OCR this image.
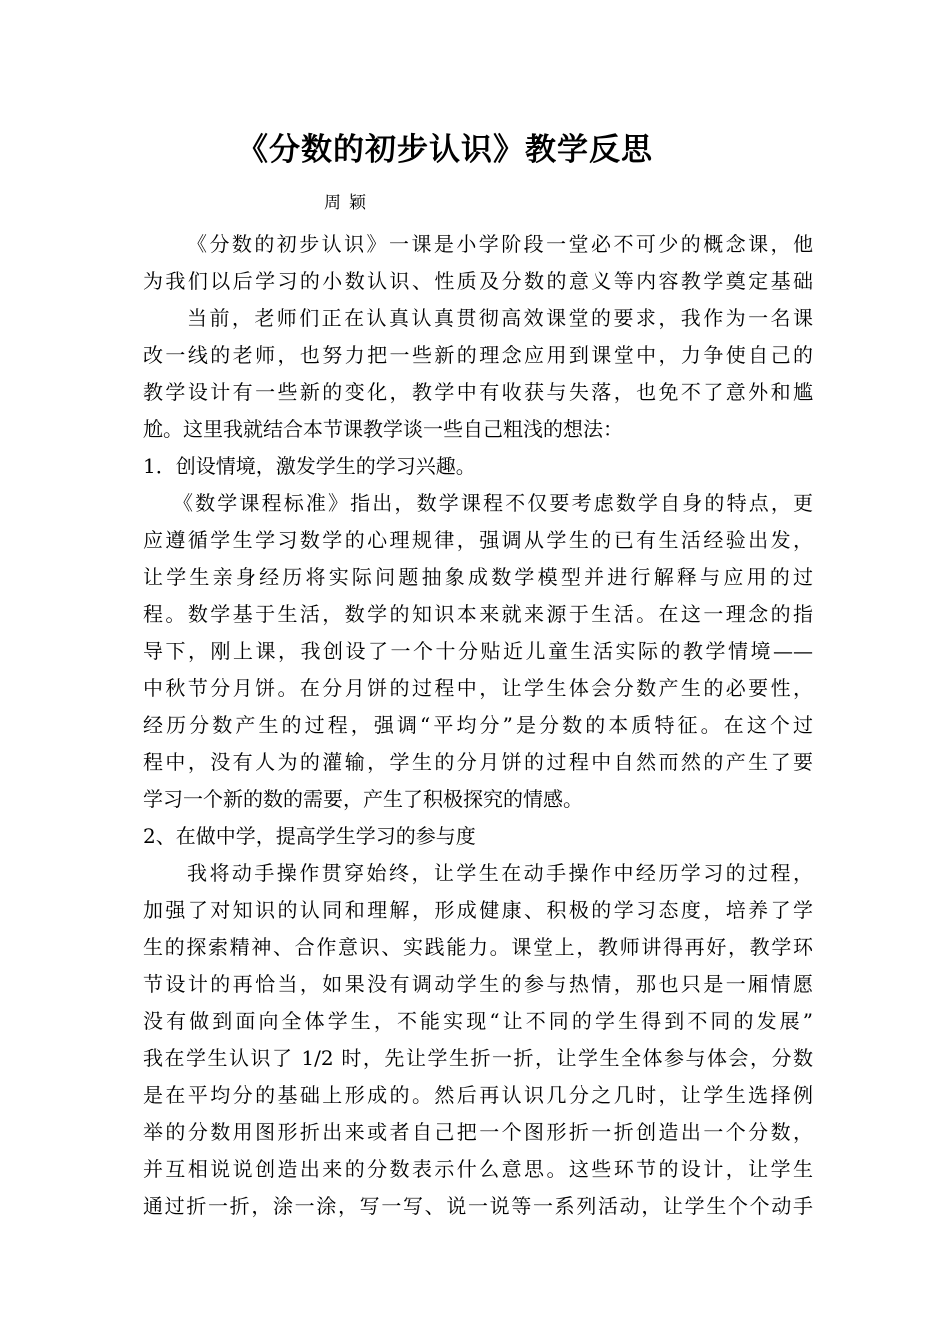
《分数的初步认识》教学反思
周颖
《分数的初步认识》一课是小学阶段一堂必不可少的概念课，他
为我们以后学习的小数认识、性质及分数的意义等内容教学奠定基础
当前，老师们正在认真认真贯彻高效课堂的要求，我作为一名课
改一线的老师，也努力把一些新的理念应用到课堂中，力争使自己的
教学设计有一些新的变化，教学中有收获与失落，也免不了意外和尴
尬。这里我就结合本节课教学谈一些自己粗浅的想法：
1．创设情境，激发学生的学习兴趣。
《数学课程标准》指出，数学课程不仅要考虑数学自身的特点，更
应遵循学生学习数学的心理规律，强调从学生的已有生活经验出发，
让学生亲身经历将实际问题抽象成数学模型并进行解释与应用的过
程。数学基于生活，数学的知识本来就来源于生活。在这一理念的指
导下，刚上课，我创设了一个十分贴近儿童生活实际的教学情境——
中秋节分月饼。在分月饼的过程中，让学生体会分数产生的必要性，
经历分数产生的过程，强调“平均分”是分数的本质特征。在这个过
程中，没有人为的灌输，学生的分月饼的过程中自然而然的产生了要
学习一个新的数的需要，产生了积极探究的情感。
2、在做中学，提高学生学习的参与度
我将动手操作贯穿始终，让学生在动手操作中经历学习的过程，
加强了对知识的认同和理解，形成健康、积极的学习态度，培养了学
生的探索精神、合作意识、实践能力。课堂上，教师讲得再好，教学环
节设计的再恰当，如果没有调动学生的参与热情，那也只是一厢情愿
没有做到面向全体学生，不能实现“让不同的学生得到不同的发展”
我在学生认识了 1/2 时，先让学生折一折，让学生全体参与体会，分数
是在平均分的基础上形成的。然后再认识几分之几时，让学生选择例
举的分数用图形折出来或者自己把一个图形折一折创造出一个分数，
并互相说说创造出来的分数表示什么意思。这些环节的设计，让学生
通过折一折，涂一涂，写一写、说一说等一系列活动，让学生个个动手
